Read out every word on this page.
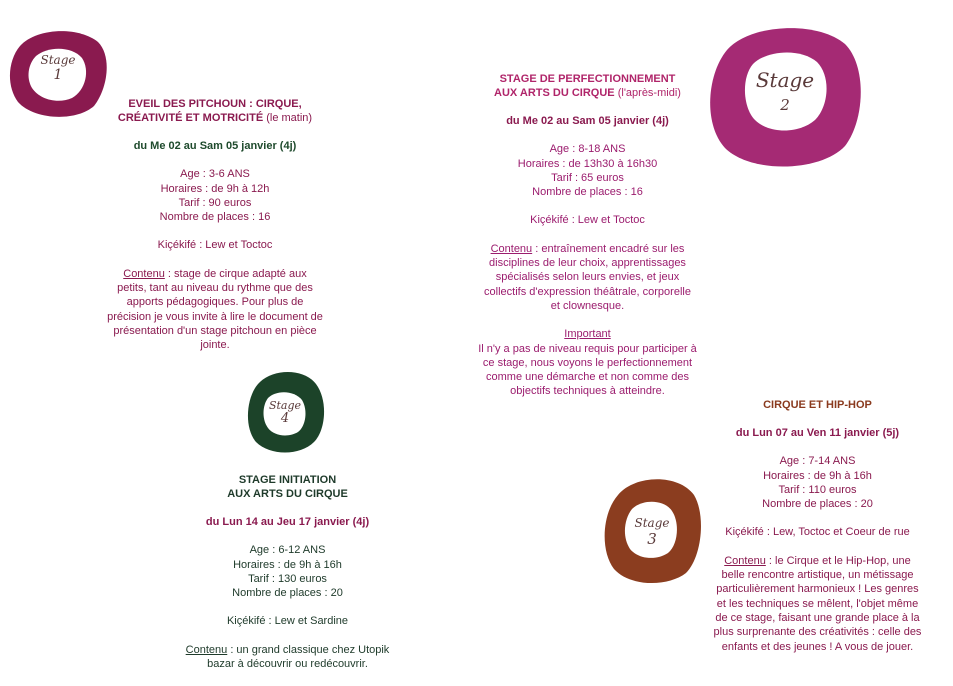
Stage
1	Stage
2
Stage
3
Stage
4
EVEIL DES PITCHOUN : CIRQUE,
CRÉATIVITÉ ET MOTRICITÉ (le matin)
du Me 02 au Sam 05 janvier (4j)
Age : 3-6 ANS
Horaires : de 9h à 12h
Tarif : 90 euros
Nombre de places : 16
Kiçékifé : Lew et Toctoc
Contenu : stage de cirque adapté aux
petits, tant au niveau du rythme que des
apports pédagogiques. Pour plus de
précision je vous invite à lire le document de
présentation d'un stage pitchoun en pièce
jointe.
STAGE DE PERFECTIONNEMENT
AUX ARTS DU CIRQUE (l'après-midi)
du Me 02 au Sam 05 janvier (4j)
Age : 8-18 ANS
Horaires : de 13h30 à 16h30
Tarif : 65 euros
Nombre de places : 16
Kiçékifé : Lew et Toctoc
Contenu : entraînement encadré sur les
disciplines de leur choix, apprentissages
spécialisés selon leurs envies, et jeux
collectifs d'expression théâtrale, corporelle
et clownesque.
Important
Il n'y a pas de niveau requis pour participer à
ce stage, nous voyons le perfectionnement
comme une démarche et non comme des
objectifs techniques à atteindre.
CIRQUE ET HIP-HOP
du Lun 07 au Ven 11 janvier (5j)
Age : 7-14 ANS
Horaires : de 9h à 16h
Tarif : 110 euros
Nombre de places : 20
Kiçékifé : Lew, Toctoc et Coeur de rue
Contenu : le Cirque et le Hip-Hop, une
belle rencontre artistique, un métissage
particulièrement harmonieux ! Les genres
et les techniques se mêlent, l'objet même
de ce stage, faisant une grande place à la
plus surprenante des créativités : celle des
enfants et des jeunes ! A vous de jouer.
STAGE INITIATION
AUX ARTS DU CIRQUE
du Lun 14 au Jeu 17 janvier (4j)
Age : 6-12 ANS
Horaires : de 9h à 16h
Tarif : 130 euros
Nombre de places : 20
Kiçékifé : Lew et Sardine
Contenu : un grand classique chez Utopik
bazar à découvrir ou redécouvrir.
